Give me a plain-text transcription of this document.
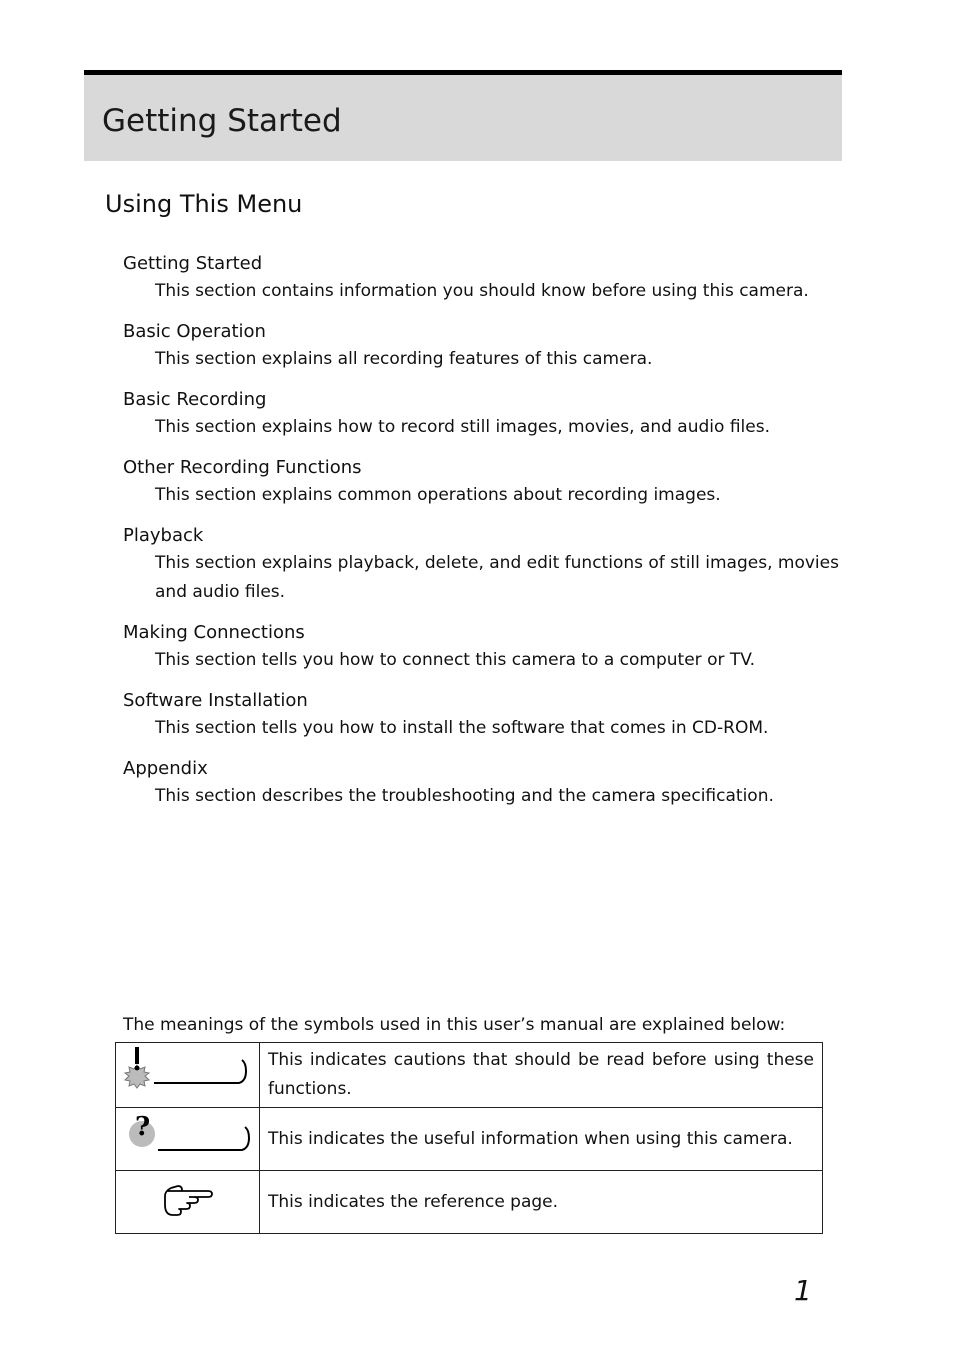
Getting Started
Using This Menu
Getting Started
This section contains information you should know before using this camera.
Basic Operation
This section explains all recording features of this camera.
Basic Recording
This section explains how to record still images, movies, and audio files.
Other Recording Functions
This section explains common operations about recording images.
Playback
This section explains playback, delete, and edit functions of still images, movies and audio files.
Making Connections
This section tells you how to connect this camera to a computer or TV.
Software Installation
This section tells you how to install the software that comes in CD-ROM.
Appendix
This section describes the troubleshooting and the camera specification.
The meanings of the symbols used in this user’s manual are explained below:
	This indicates cautions that should be read before using these functions.

?	This indicates the useful information when using this camera.
	This indicates the reference page.
1
